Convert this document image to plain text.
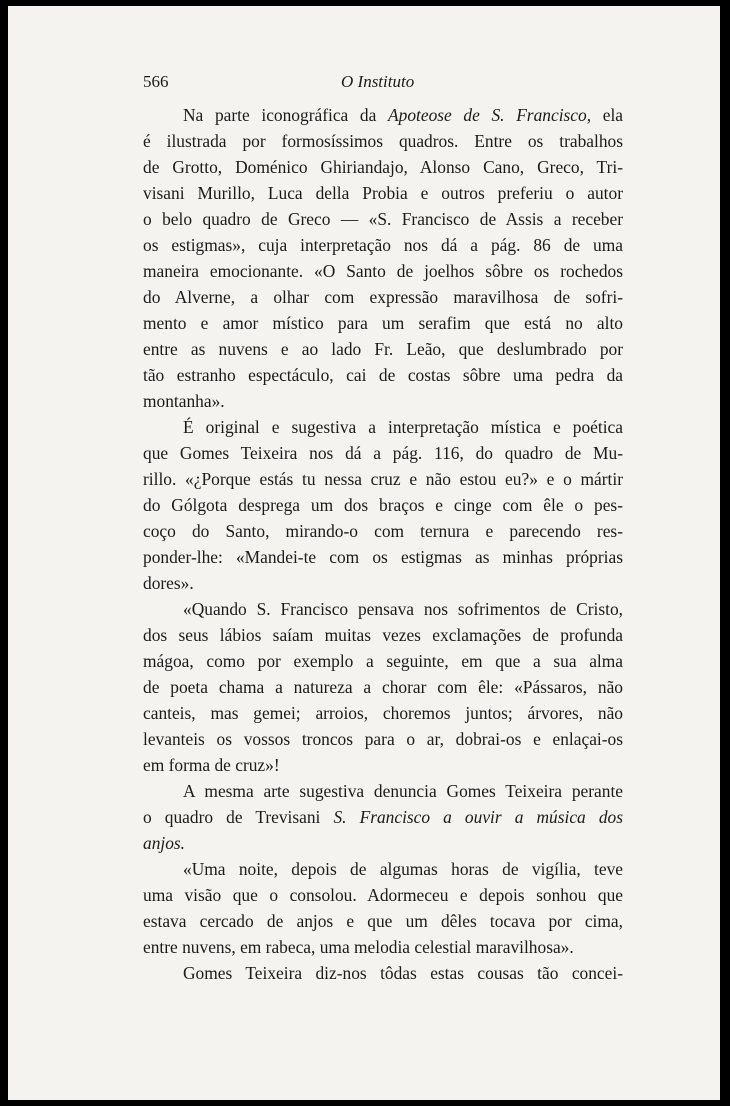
566	O Instituto
Na parte iconográfica da Apoteose de S. Francisco, ela
é ilustrada por formosíssimos quadros. Entre os trabalhos
de Grotto, Doménico Ghiriandajo, Alonso Cano, Greco, Tri-
visani Murillo, Luca della Probia e outros preferiu o autor
o belo quadro de Greco — «S. Francisco de Assis a receber
os estigmas», cuja interpretação nos dá a pág. 86 de uma
maneira emocionante. «O Santo de joelhos sôbre os rochedos
do Alverne, a olhar com expressão maravilhosa de sofri-
mento e amor místico para um serafim que está no alto
entre as nuvens e ao lado Fr. Leão, que deslumbrado por
tão estranho espectáculo, cai de costas sôbre uma pedra da
montanha».
É original e sugestiva a interpretação mística e poética
que Gomes Teixeira nos dá a pág. 116, do quadro de Mu-
rillo. «¿Porque estás tu nessa cruz e não estou eu?» e o mártir
do Gólgota desprega um dos braços e cinge com êle o pes-
coço do Santo, mirando-o com ternura e parecendo res-
ponder-lhe: «Mandei-te com os estigmas as minhas próprias
dores».
«Quando S. Francisco pensava nos sofrimentos de Cristo,
dos seus lábios saíam muitas vezes exclamações de profunda
mágoa, como por exemplo a seguinte, em que a sua alma
de poeta chama a natureza a chorar com êle: «Pássaros, não
canteis, mas gemei; arroios, choremos juntos; árvores, não
levanteis os vossos troncos para o ar, dobrai-os e enlaçai-os
em forma de cruz»!
A mesma arte sugestiva denuncia Gomes Teixeira perante
o quadro de Trevisani S. Francisco a ouvir a música dos
anjos.
«Uma noite, depois de algumas horas de vigília, teve
uma visão que o consolou. Adormeceu e depois sonhou que
estava cercado de anjos e que um dêles tocava por cima,
entre nuvens, em rabeca, uma melodia celestial maravilhosa».
Gomes Teixeira diz-nos tôdas estas cousas tão concei-
